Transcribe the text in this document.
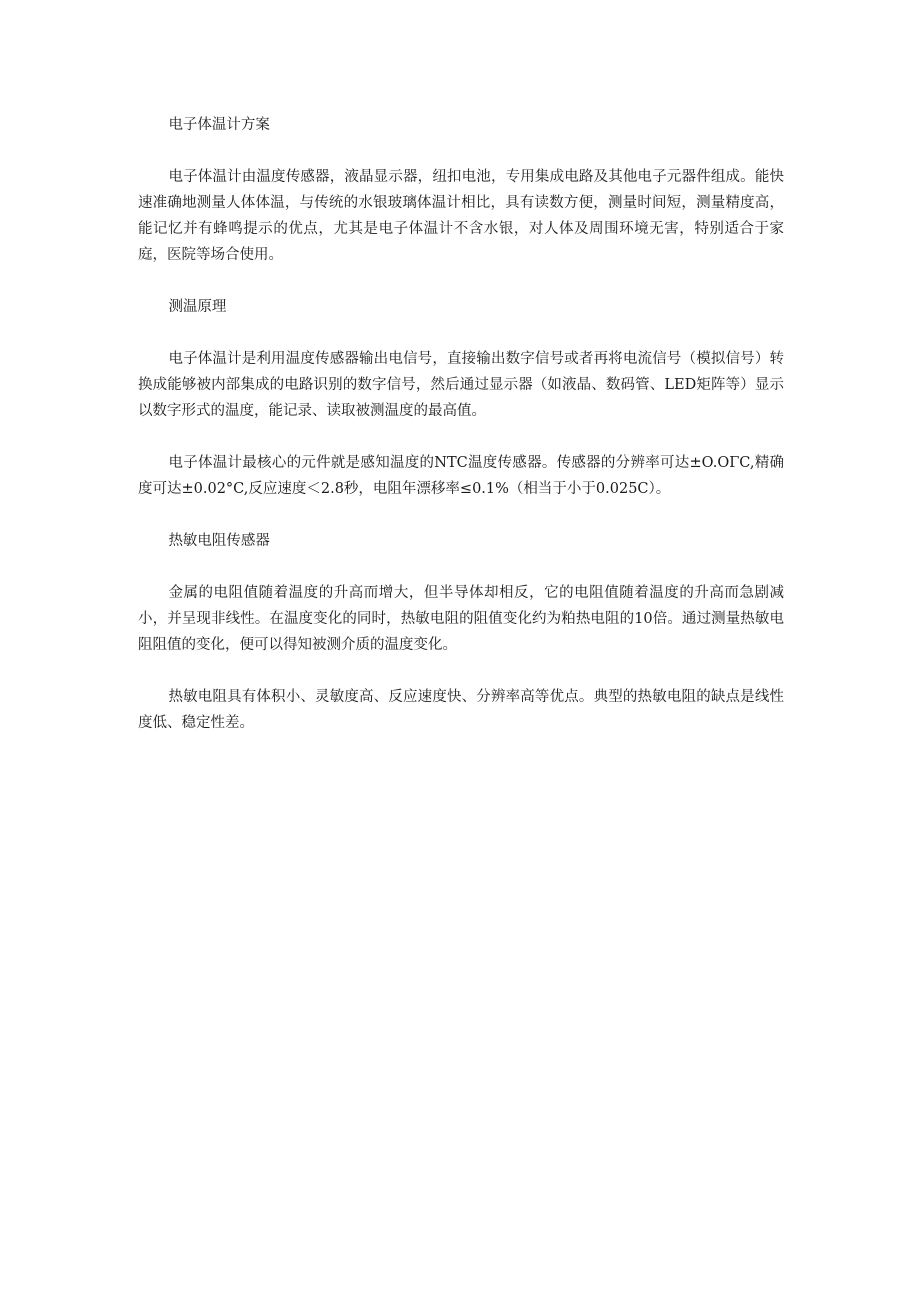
电子体温计方案
电子体温计由温度传感器，液晶显示器，纽扣电池，专用集成电路及其他电子元器件组成。能快速准确地测量人体体温，与传统的水银玻璃体温计相比，具有读数方便，测量时间短，测量精度高，能记忆并有蜂鸣提示的优点，尤其是电子体温计不含水银，对人体及周围环境无害，特别适合于家庭，医院等场合使用。
测温原理
电子体温计是利用温度传感器输出电信号，直接输出数字信号或者再将电流信号（模拟信号）转换成能够被内部集成的电路识别的数字信号，然后通过显示器（如液晶、数码管、LED矩阵等）显示以数字形式的温度，能记录、读取被测温度的最高值。
电子体温计最核心的元件就是感知温度的NTC温度传感器。传感器的分辨率可达±O.OΓC,精确度可达±0.02°C,反应速度＜2.8秒，电阻年漂移率≤0.1%（相当于小于0.025C）。
热敏电阻传感器
金属的电阻值随着温度的升高而增大，但半导体却相反，它的电阻值随着温度的升高而急剧减小，并呈现非线性。在温度变化的同时，热敏电阻的阻值变化约为粕热电阻的10倍。通过测量热敏电阻阻值的变化，便可以得知被测介质的温度变化。
热敏电阻具有体积小、灵敏度高、反应速度快、分辨率高等优点。典型的热敏电阻的缺点是线性度低、稳定性差。
